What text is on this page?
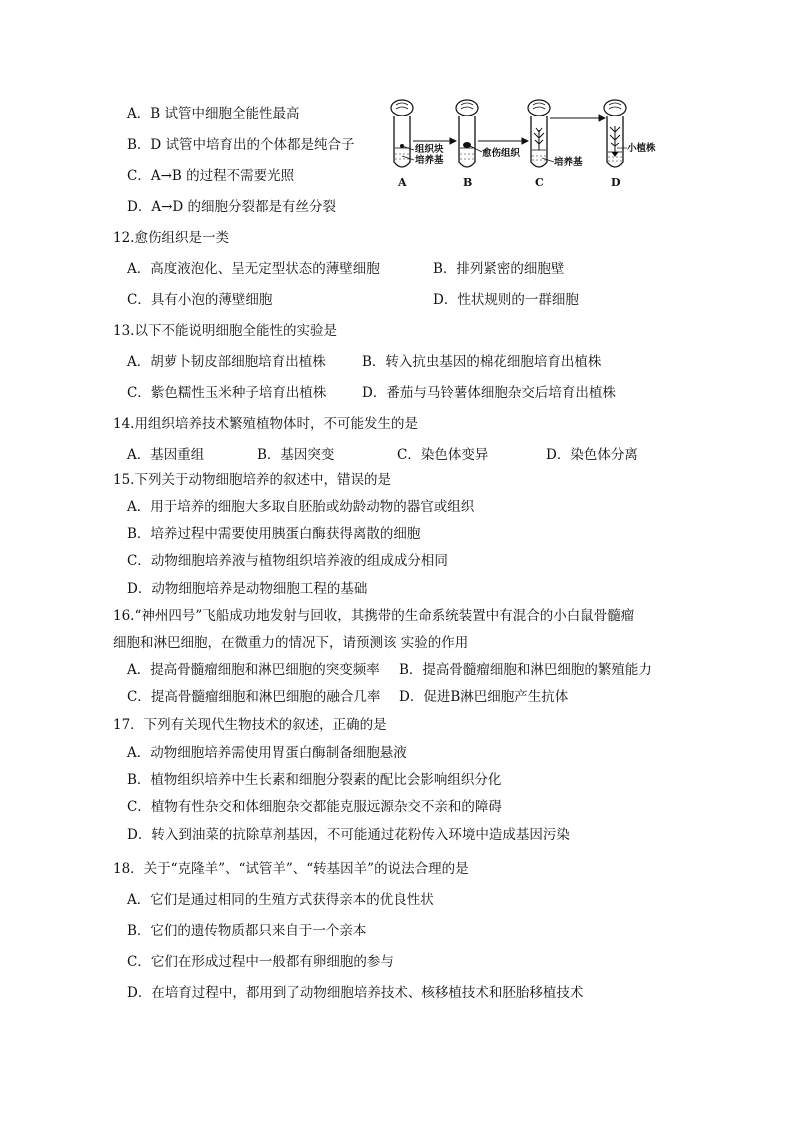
A．B 试管中细胞全能性最高
B．D 试管中培育出的个体都是纯合子
C．A→B 的过程不需要光照
D．A→D 的细胞分裂都是有丝分裂
组织块
培养基
愈伤组织
培养基
小植株
A	B	C	D
12.愈伤组织是一类
A．高度液泡化、呈无定型状态的薄壁细胞	B．排列紧密的细胞壁
C．具有小泡的薄壁细胞	D．性状规则的一群细胞
13.以下不能说明细胞全能性的实验是
A．胡萝卜韧皮部细胞培育出植株	B．转入抗虫基因的棉花细胞培育出植株
C．紫色糯性玉米种子培育出植株	D．番茄与马铃薯体细胞杂交后培育出植株
14.用组织培养技术繁殖植物体时，不可能发生的是
A．基因重组	B．基因突变	C．染色体变异	D．染色体分离
15.下列关于动物细胞培养的叙述中，错误的是
A．用于培养的细胞大多取自胚胎或幼龄动物的器官或组织
B．培养过程中需要使用胰蛋白酶获得离散的细胞
C．动物细胞培养液与植物组织培养液的组成成分相同
D．动物细胞培养是动物细胞工程的基础
16.“神州四号”飞船成功地发射与回收，其携带的生命系统装置中有混合的小白鼠骨髓瘤
细胞和淋巴细胞，在微重力的情况下，请预测该 实验的作用
A．提高骨髓瘤细胞和淋巴细胞的突变频率 B．提高骨髓瘤细胞和淋巴细胞的繁殖能力
C．提高骨髓瘤细胞和淋巴细胞的融合几率 D．促进B淋巴细胞产生抗体
17．下列有关现代生物技术的叙述，正确的是
A．动物细胞培养需使用胃蛋白酶制备细胞悬液
B．植物组织培养中生长素和细胞分裂素的配比会影响组织分化
C．植物有性杂交和体细胞杂交都能克服远源杂交不亲和的障碍
D．转入到油菜的抗除草剂基因，不可能通过花粉传入环境中造成基因污染
18．关于“克隆羊”、“试管羊”、“转基因羊”的说法合理的是
A．它们是通过相同的生殖方式获得亲本的优良性状
B．它们的遗传物质都只来自于一个亲本
C．它们在形成过程中一般都有卵细胞的参与
D．在培育过程中，都用到了动物细胞培养技术、核移植技术和胚胎移植技术
